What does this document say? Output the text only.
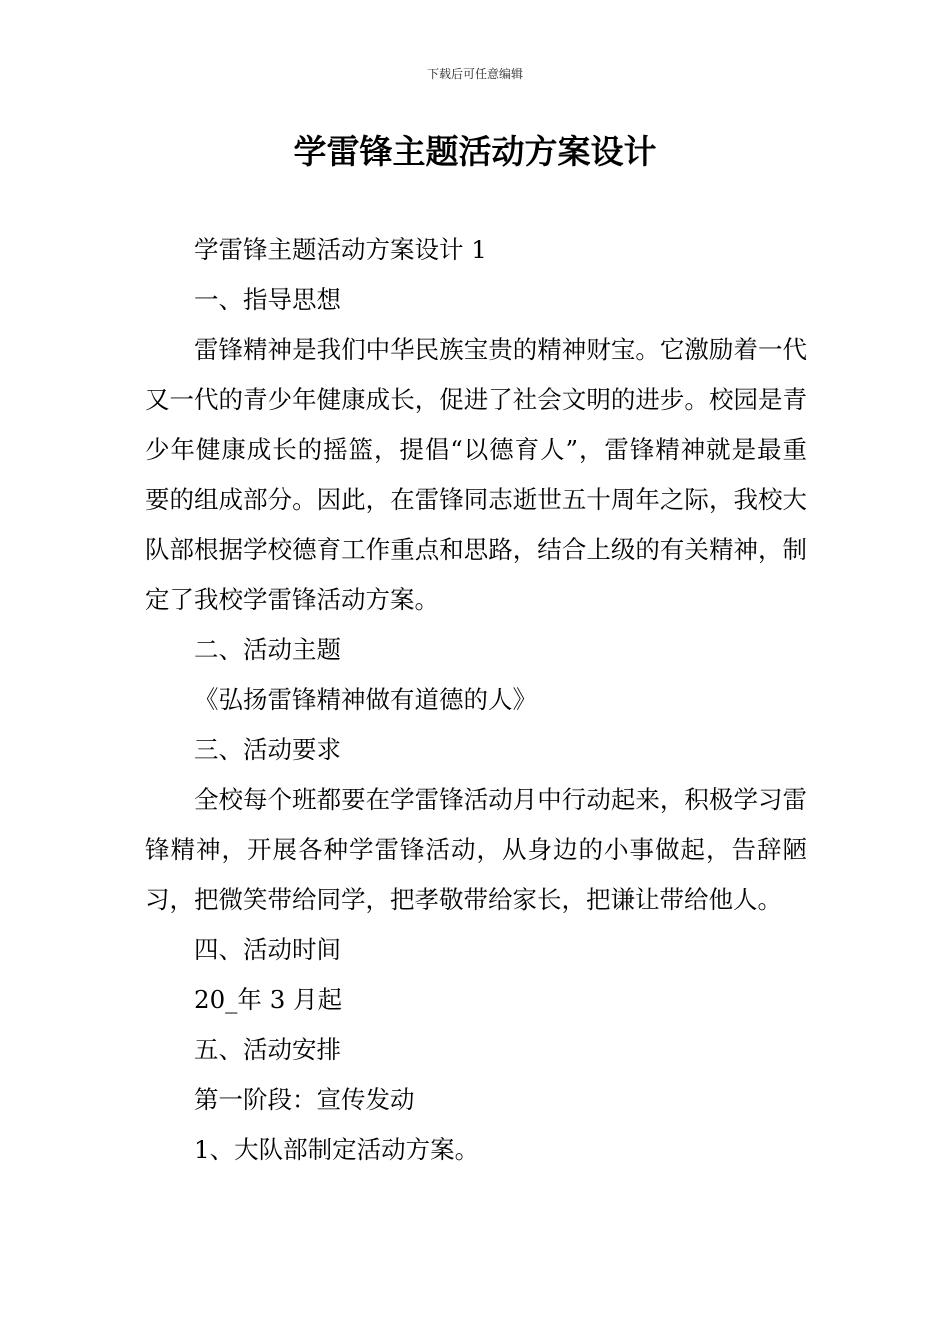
下载后可任意编辑
学雷锋主题活动方案设计

学雷锋主题活动方案设计 1

一、指导思想

雷锋精神是我们中华民族宝贵的精神财宝。它激励着一代又一代的青少年健康成长，促进了社会文明的进步。校园是青少年健康成长的摇篮，提倡“以德育人”，雷锋精神就是最重要的组成部分。因此，在雷锋同志逝世五十周年之际，我校大队部根据学校德育工作重点和思路，结合上级的有关精神，制定了我校学雷锋活动方案。

二、活动主题

《弘扬雷锋精神做有道德的人》

三、活动要求

全校每个班都要在学雷锋活动月中行动起来，积极学习雷锋精神，开展各种学雷锋活动，从身边的小事做起，告辞陋习，把微笑带给同学，把孝敬带给家长，把谦让带给他人。

四、活动时间

20_年 3 月起

五、活动安排

第一阶段：宣传发动

1、大队部制定活动方案。
